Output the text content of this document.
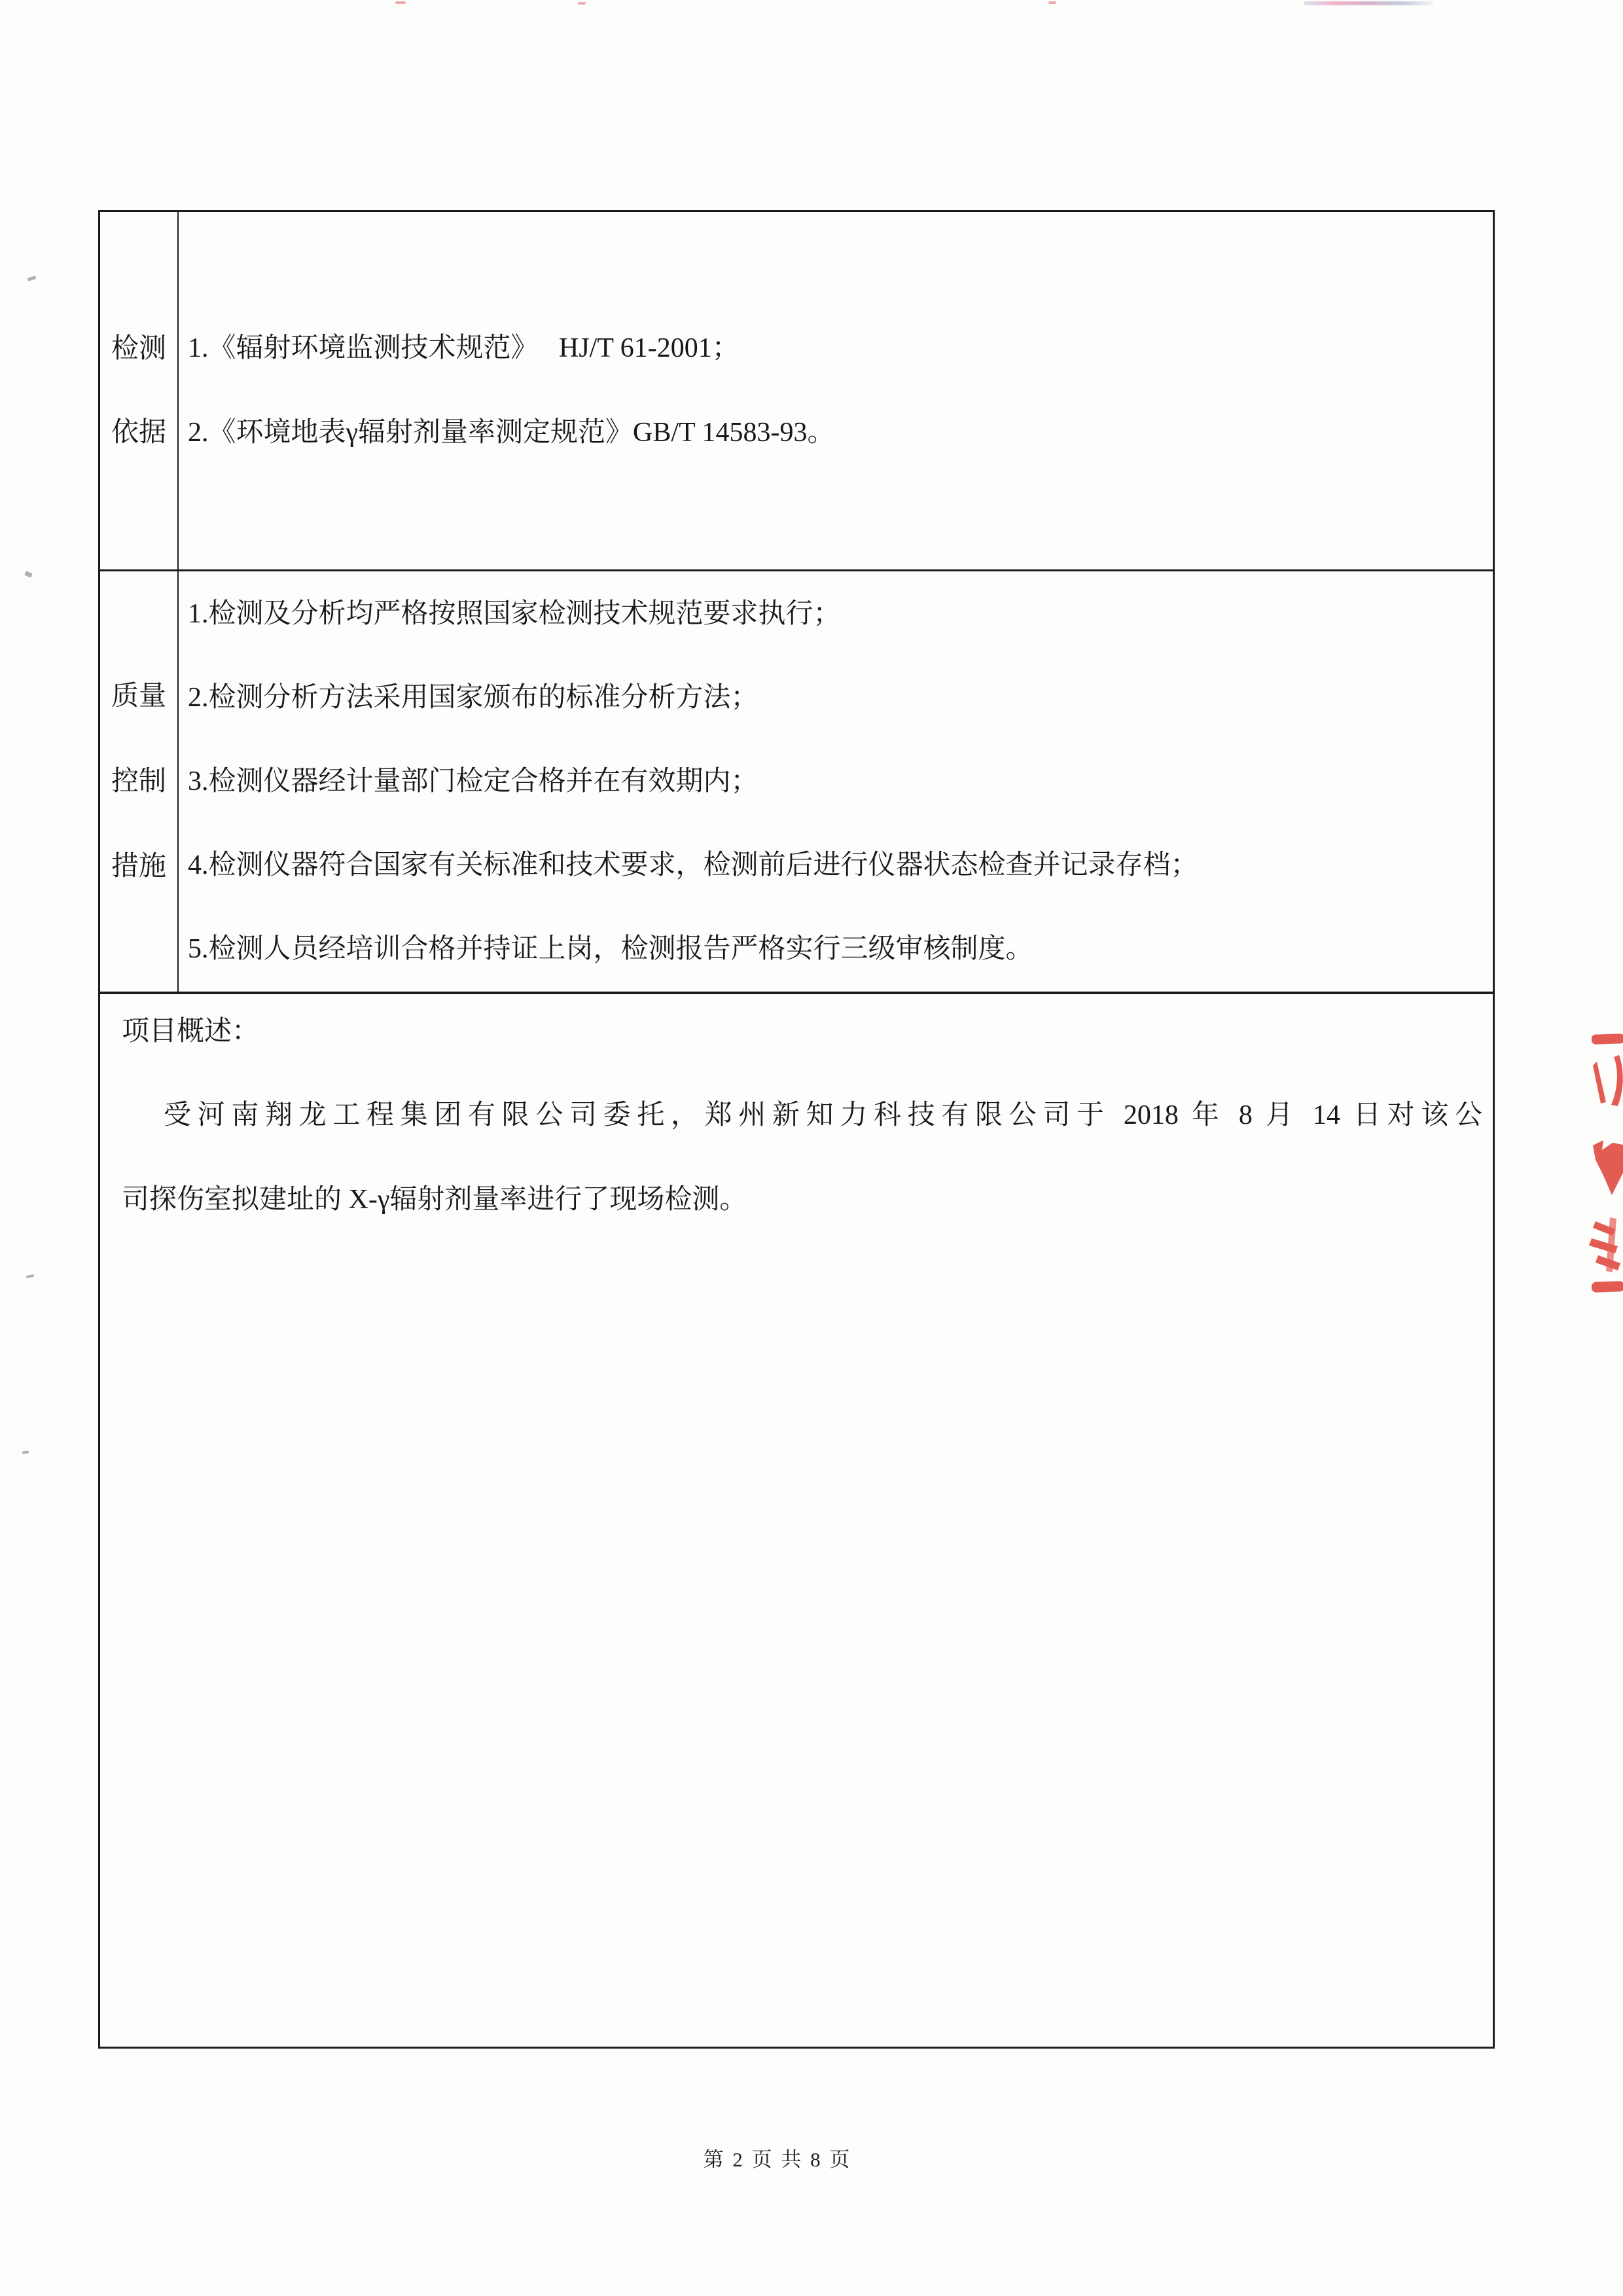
检测
依据
1.《辐射环境监测技术规范》　 HJ/T 61-2001；
2.《环境地表γ辐射剂量率测定规范》GB/T 14583-93。
质量
控制
措施
1.检测及分析均严格按照国家检测技术规范要求执行；
2.检测分析方法采用国家颁布的标准分析方法；
3.检测仪器经计量部门检定合格并在有效期内；
4.检测仪器符合国家有关标准和技术要求，检测前后进行仪器状态检查并记录存档；
5.检测人员经培训合格并持证上岗，检测报告严格实行三级审核制度。
项目概述：
受河南翔龙工程集团有限公司委托，郑州新知力科技有限公司于 2018 年 8 月 14 日对该公
司探伤室拟建址的 X-γ辐射剂量率进行了现场检测。
第 2 页 共 8 页
